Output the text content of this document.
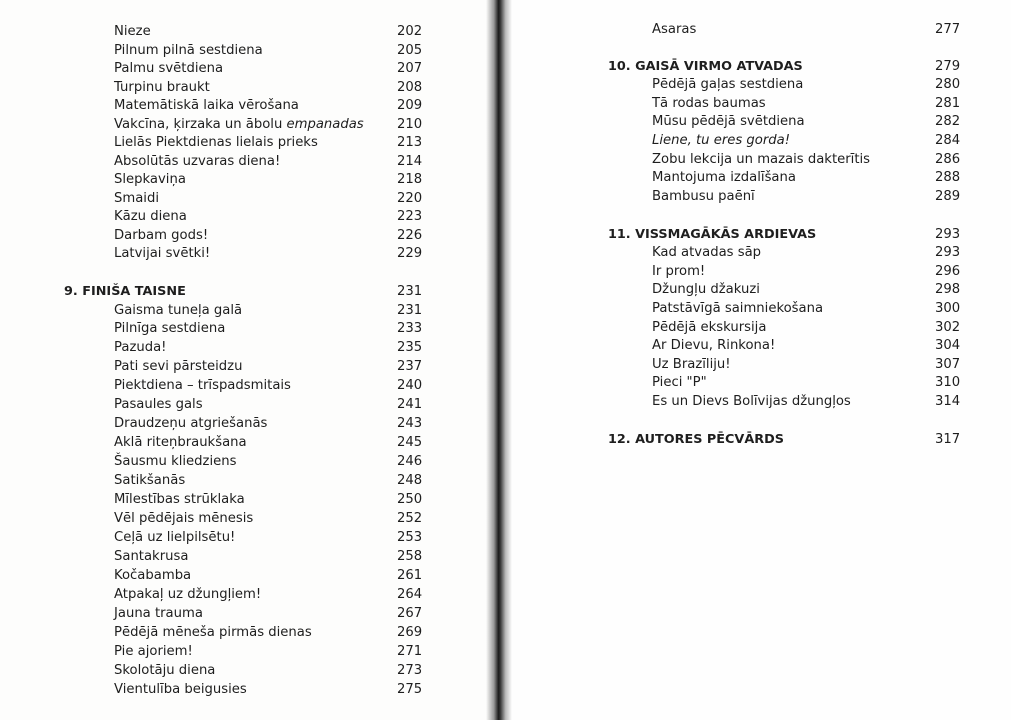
Nieze	202
Pilnum pilnā sestdiena	205
Palmu svētdiena	207
Turpinu braukt	208
Matemātiskā laika vērošana	209
Vakcīna, ķirzaka un ābolu empanadas	210
Lielās Piektdienas lielais prieks	213
Absolūtās uzvaras diena!	214
Slepkaviņa	218
Smaidi	220
Kāzu diena	223
Darbam gods!	226
Latvijai svētki!	229
9. FINIŠA TAISNE	231
Gaisma tuneļa galā	231
Pilnīga sestdiena	233
Pazuda!	235
Pati sevi pārsteidzu	237
Piektdiena – trīspadsmitais	240
Pasaules gals	241
Draudzeņu atgriešanās	243
Aklā riteņbraukšana	245
Šausmu kliedziens	246
Satikšanās	248
Mīlestības strūklaka	250
Vēl pēdējais mēnesis	252
Ceļā uz lielpilsētu!	253
Santakrusa	258
Kočabamba	261
Atpakaļ uz džungļiem!	264
Jauna trauma	267
Pēdējā mēneša pirmās dienas	269
Pie ajoriem!	271
Skolotāju diena	273
Vientulība beigusies	275
Asaras	277
10. GAISĀ VIRMO ATVADAS	279
Pēdējā gaļas sestdiena	280
Tā rodas baumas	281
Mūsu pēdējā svētdiena	282
Liene, tu eres gorda!	284
Zobu lekcija un mazais dakterītis	286
Mantojuma izdalīšana	288
Bambusu paēnī	289
11. VISSMAGĀKĀS ARDIEVAS	293
Kad atvadas sāp	293
Ir prom!	296
Džungļu džakuzi	298
Patstāvīgā saimniekošana	300
Pēdējā ekskursija	302
Ar Dievu, Rinkona!	304
Uz Brazīliju!	307
Pieci "P"	310
Es un Dievs Bolīvijas džungļos	314
12. AUTORES PĒCVĀRDS	317
